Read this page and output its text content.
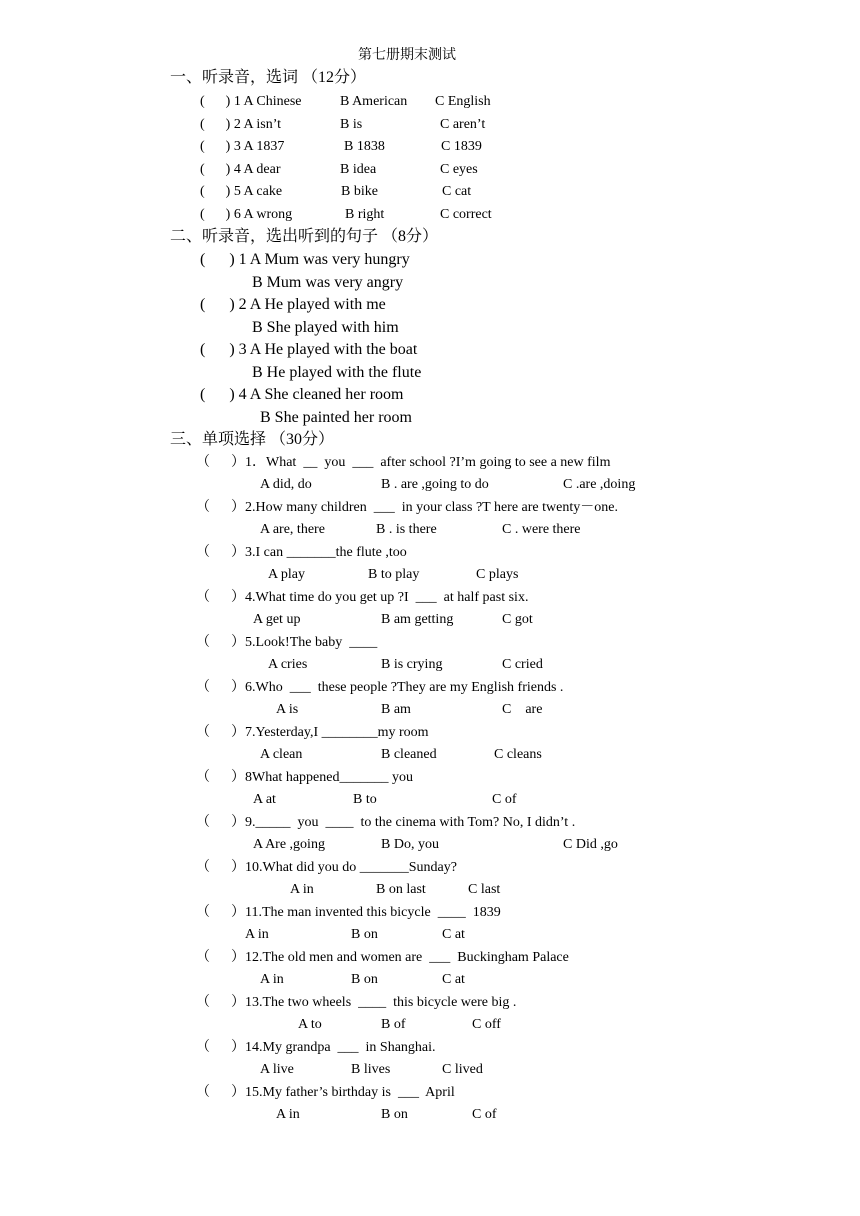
第七册期末测试
一、听录音，选词 （12分）
(      ) 1 A Chinese	B American C English
(      ) 2 A isn’t	B is	C aren’t
(      ) 3 A 1837	B 1838	C 1839
(      ) 4 A dear	B idea	C eyes
(      ) 5 A cake	B bike	C cat
(      ) 6 A wrong	B right	C correct
二、听录音，选出听到的句子 （8分）
(      ) 1 A Mum was very hungry
B Mum was very angry
(      ) 2 A He played with me
B She played with him
(      ) 3 A He played with the boat
B He played with the flute
(      ) 4 A She cleaned her room
B She painted her room
三、单项选择 （30分）
（      ）1．What  __  you  ___  after school ?I’m going to see a new film
A did, do	B . are ,going to do	C .are ,doing
（      ）2.How many children  ___  in your class ?T here are twenty－one.
A are, there	B . is there	C . were there
（      ）3.I can _______the flute ,too
A play	B to play	C plays
（      ）4.What time do you get up ?I  ___  at half past six.
A get up	B am getting	C got
（      ）5.Look!The baby  ____
A cries	B is crying	C cried
（      ）6.Who  ___  these people ?They are my English friends .
A is	B am	C    are
（      ）7.Yesterday,I ________my room
A clean	B cleaned	C cleans
（      ）8What happened_______ you
A at	B to	C of
（      ）9._____  you  ____  to the cinema with Tom? No, I didn’t .
A Are ,going	B Do, you	C Did ,go
（      ）10.What did you do _______Sunday?
A in	B on last	C last
（      ）11.The man invented this bicycle  ____  1839
A in	B on	C at
（      ）12.The old men and women are  ___  Buckingham Palace
A in	B on	C at
（      ）13.The two wheels  ____  this bicycle were big .
A to	B of	C off
（      ）14.My grandpa  ___  in Shanghai.
A live	B lives	C lived
（      ）15.My father’s birthday is  ___  April
A in	B on	C of
